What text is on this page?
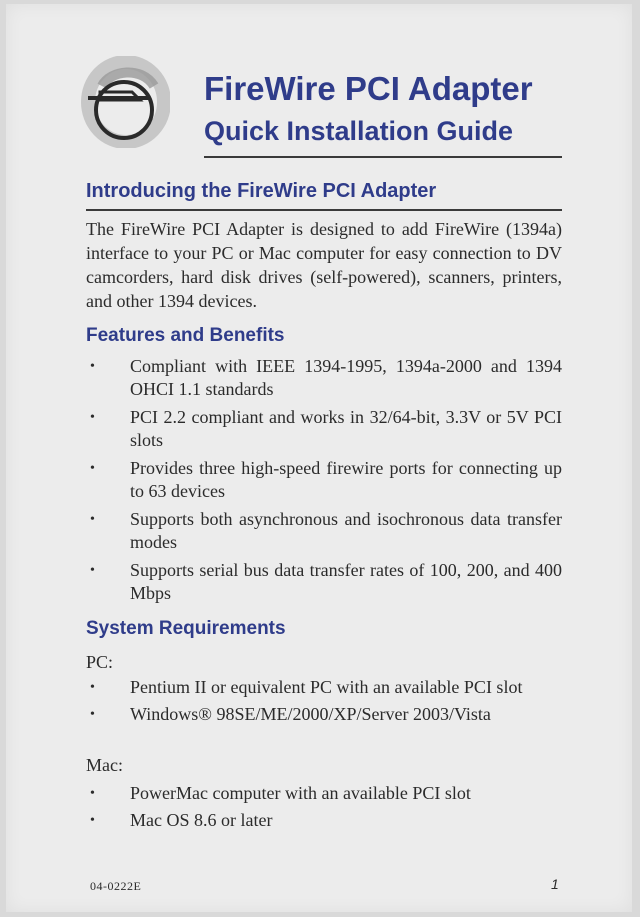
FireWire PCI Adapter
Quick Installation Guide
Introducing the FireWire PCI Adapter
The FireWire PCI Adapter is designed to add FireWire (1394a) interface to your PC or Mac computer for easy connection to DV camcorders, hard disk drives (self-powered), scanners, printers, and other 1394 devices.
Features and Benefits
• Compliant with IEEE 1394-1995, 1394a-2000 and 1394 OHCI 1.1 standards
• PCI 2.2 compliant and works in 32/64-bit, 3.3V or 5V PCI slots
• Provides three high-speed firewire ports for connecting up to 63 devices
• Supports both asynchronous and isochronous data transfer modes
• Supports serial bus data transfer rates of 100, 200, and 400 Mbps
System Requirements
PC:
• Pentium II or equivalent PC with an available PCI slot
• Windows® 98SE/ME/2000/XP/Server 2003/Vista
Mac:
• PowerMac computer with an available PCI slot
• Mac OS 8.6 or later
04-0222E	1
